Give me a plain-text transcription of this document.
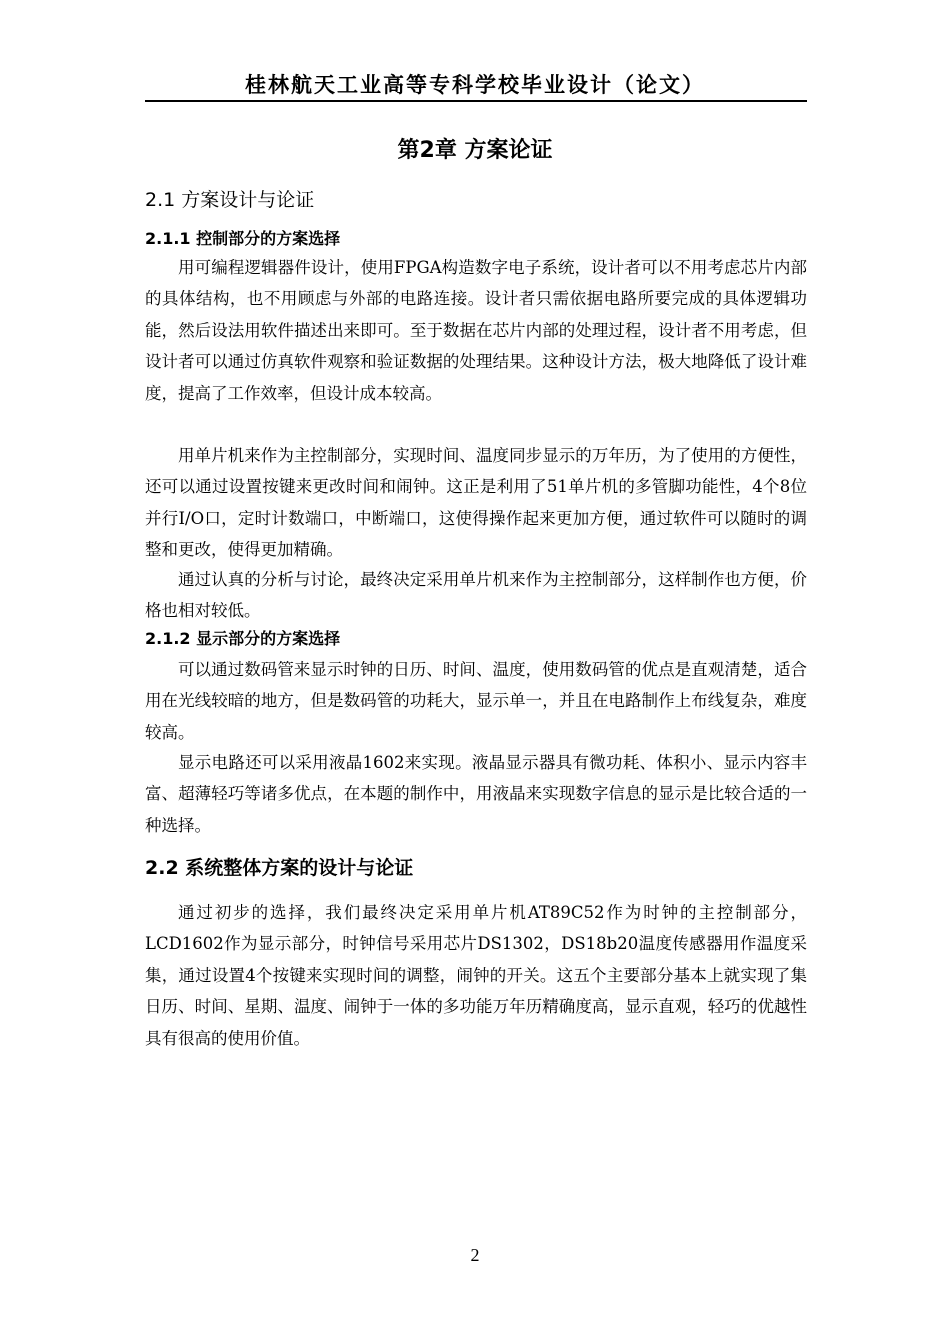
桂林航天工业高等专科学校毕业设计（论文）
第2章 方案论证
2.1 方案设计与论证
2.1.1 控制部分的方案选择

用可编程逻辑器件设计，使用FPGA构造数字电子系统，设计者可以不用考虑芯片内部的具体结构，也不用顾虑与外部的电路连接。设计者只需依据电路所要完成的具体逻辑功能，然后设法用软件描述出来即可。至于数据在芯片内部的处理过程，设计者不用考虑，但设计者可以通过仿真软件观察和验证数据的处理结果。这种设计方法，极大地降低了设计难度，提高了工作效率，但设计成本较高。

用单片机来作为主控制部分，实现时间、温度同步显示的万年历，为了使用的方便性，还可以通过设置按键来更改时间和闹钟。这正是利用了51单片机的多管脚功能性，4个8位并行I/O口，定时计数端口，中断端口，这使得操作起来更加方便，通过软件可以随时的调整和更改，使得更加精确。

通过认真的分析与讨论，最终决定采用单片机来作为主控制部分，这样制作也方便，价格也相对较低。

2.1.2 显示部分的方案选择

可以通过数码管来显示时钟的日历、时间、温度，使用数码管的优点是直观清楚，适合用在光线较暗的地方，但是数码管的功耗大，显示单一，并且在电路制作上布线复杂，难度较高。

显示电路还可以采用液晶1602来实现。液晶显示器具有微功耗、体积小、显示内容丰富、超薄轻巧等诸多优点，在本题的制作中，用液晶来实现数字信息的显示是比较合适的一种选择。

2.2 系统整体方案的设计与论证

通过初步的选择，我们最终决定采用单片机AT89C52作为时钟的主控制部分，LCD1602作为显示部分，时钟信号采用芯片DS1302，DS18b20温度传感器用作温度采集，通过设置4个按键来实现时间的调整，闹钟的开关。这五个主要部分基本上就实现了集日历、时间、星期、温度、闹钟于一体的多功能万年历精确度高，显示直观，轻巧的优越性具有很高的使用价值。

2
